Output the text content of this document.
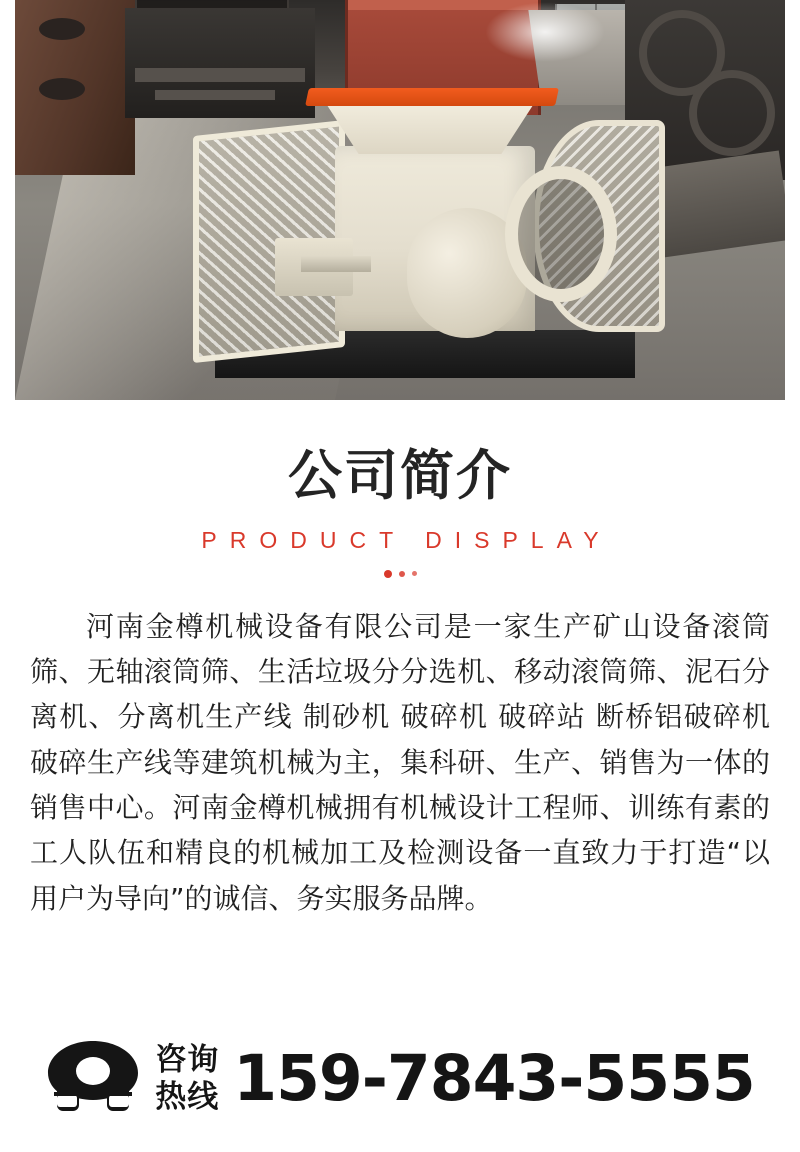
公司简介
PRODUCT DISPLAY

河南金樽机械设备有限公司是一家生产矿山设备滚筒筛、无轴滚筒筛、生活垃圾分分选机、移动滚筒筛、泥石分离机、分离机生产线 制砂机 破碎机 破碎站 断桥铝破碎机 破碎生产线等建筑机械为主，集科研、生产、销售为一体的销售中心。河南金樽机械拥有机械设计工程师、训练有素的工人队伍和精良的机械加工及检测设备一直致力于打造“以用户为导向”的诚信、务实服务品牌。

咨询
热线 159-7843-5555
